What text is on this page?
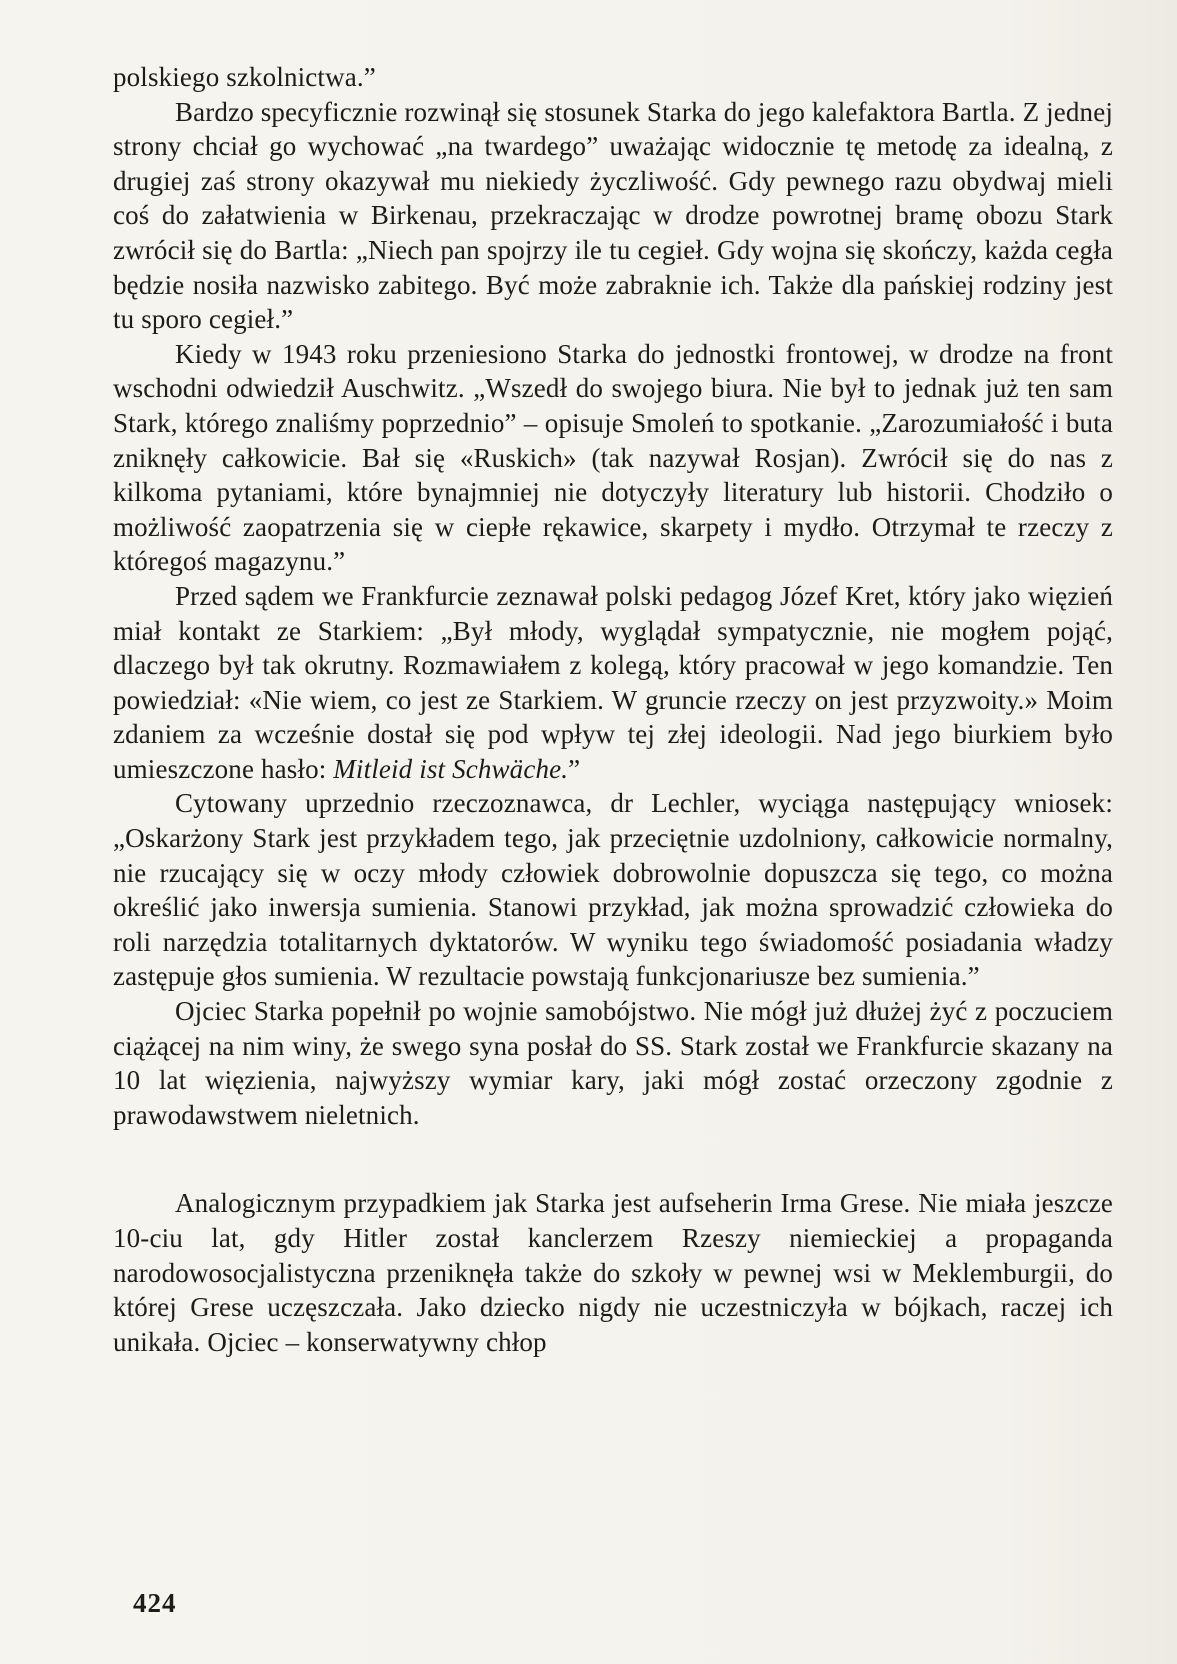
polskiego szkolnictwa.”

Bardzo specyficznie rozwinął się stosunek Starka do jego kalefaktora Bartla. Z jednej strony chciał go wychować „na twardego” uważając widocznie tę metodę za idealną, z drugiej zaś strony okazywał mu niekiedy życzliwość. Gdy pewnego razu obydwaj mieli coś do załatwienia w Birkenau, przekraczając w drodze powrotnej bramę obozu Stark zwrócił się do Bartla: „Niech pan spojrzy ile tu cegieł. Gdy wojna się skończy, każda cegła będzie nosiła nazwisko zabitego. Być może zabraknie ich. Także dla pańskiej rodziny jest tu sporo cegieł.”

Kiedy w 1943 roku przeniesiono Starka do jednostki frontowej, w drodze na front wschodni odwiedził Auschwitz. „Wszedł do swojego biura. Nie był to jednak już ten sam Stark, którego znaliśmy poprzednio” – opisuje Smoleń to spotkanie. „Zarozumiałość i buta zniknęły całkowicie. Bał się «Ruskich» (tak nazywał Rosjan). Zwrócił się do nas z kilkoma pytaniami, które bynajmniej nie dotyczyły literatury lub historii. Chodziło o możliwość zaopatrzenia się w ciepłe rękawice, skarpety i mydło. Otrzymał te rzeczy z któregoś magazynu.”

Przed sądem we Frankfurcie zeznawał polski pedagog Józef Kret, który jako więzień miał kontakt ze Starkiem: „Był młody, wyglądał sympatycznie, nie mogłem pojąć, dlaczego był tak okrutny. Rozmawiałem z kolegą, który pracował w jego komandzie. Ten powiedział: «Nie wiem, co jest ze Starkiem. W gruncie rzeczy on jest przyzwoity.» Moim zdaniem za wcześnie dostał się pod wpływ tej złej ideologii. Nad jego biurkiem było umieszczone hasło: Mitleid ist Schwäche.”

Cytowany uprzednio rzeczoznawca, dr Lechler, wyciąga następujący wniosek: „Oskarżony Stark jest przykładem tego, jak przeciętnie uzdolniony, całkowicie normalny, nie rzucający się w oczy młody człowiek dobrowolnie dopuszcza się tego, co można określić jako inwersja sumienia. Stanowi przykład, jak można sprowadzić człowieka do roli narzędzia totalitarnych dyktatorów. W wyniku tego świadomość posiadania władzy zastępuje głos sumienia. W rezultacie powstają funkcjonariusze bez sumienia.”

Ojciec Starka popełnił po wojnie samobójstwo. Nie mógł już dłużej żyć z poczuciem ciążącej na nim winy, że swego syna posłał do SS. Stark został we Frankfurcie skazany na 10 lat więzienia, najwyższy wymiar kary, jaki mógł zostać orzeczony zgodnie z prawodawstwem nieletnich.

Analogicznym przypadkiem jak Starka jest aufseherin Irma Grese. Nie miała jeszcze 10-ciu lat, gdy Hitler został kanclerzem Rzeszy niemieckiej a propaganda narodowosocjalistyczna przeniknęła także do szkoły w pewnej wsi w Meklemburgii, do której Grese uczęszczała. Jako dziecko nigdy nie uczestniczyła w bójkach, raczej ich unikała. Ojciec – konserwatywny chłop

424
